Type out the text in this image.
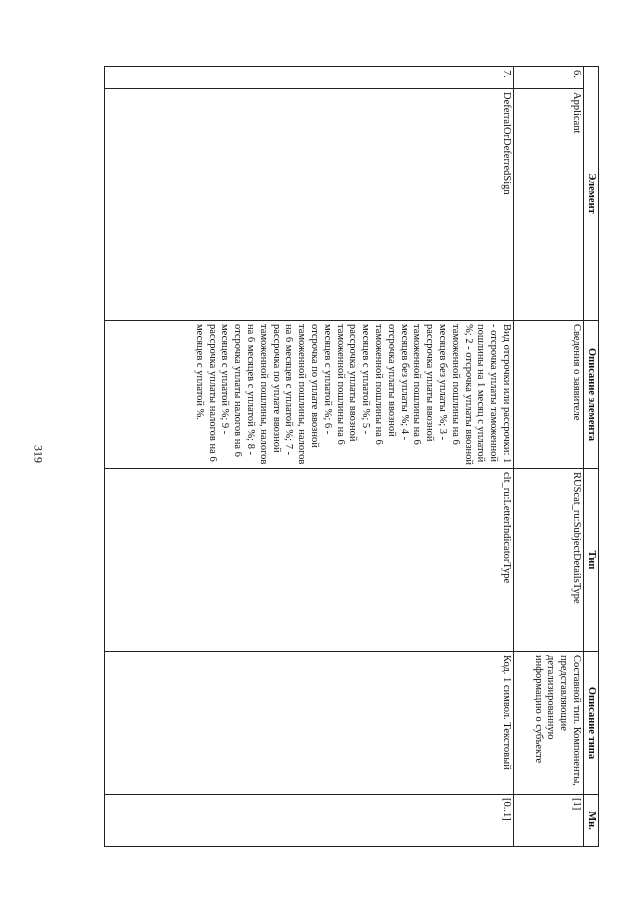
319
Элемент		Описание элемента	Тип	Описание типа	Мн.
6.	Applicant	Сведения о заявителе	RUScat_ru:SubjectDetailsType	Составной тип. Компоненты, представляющие детализированную информацию о субъекте	[1]
7.	DeferralOrDeferredSign	Вид отсрочки или рассрочки: 1 - отсрочка уплаты таможенной пошлины на 1 месяц с уплатой %; 2 - отсрочка уплаты ввозной таможенной пошлины на 6 месяцев без уплаты %; 3 - рассрочка уплаты ввозной таможенной пошлины на 6 месяцев без уплаты %; 4 - отсрочка уплаты ввозной таможенной пошлины на 6 месяцев с уплатой %; 5 - рассрочка уплаты ввозной таможенной пошлины на 6 месяцев с уплатой %; 6 - отсрочка по уплате ввозной таможенной пошлины, налогов на 6 месяцев с уплатой %; 7 - рассрочка по уплате ввозной таможенной пошлины, налогов на 6 месяцев с уплатой %; 8 - отсрочка уплаты налогов на 6 месяцев с уплатой %; 9 - рассрочка уплаты налогов на 6 месяцев с уплатой %.	clt_ru:LetterIndicatorType	Код. 1 символ. Текстовый	[0..1]
